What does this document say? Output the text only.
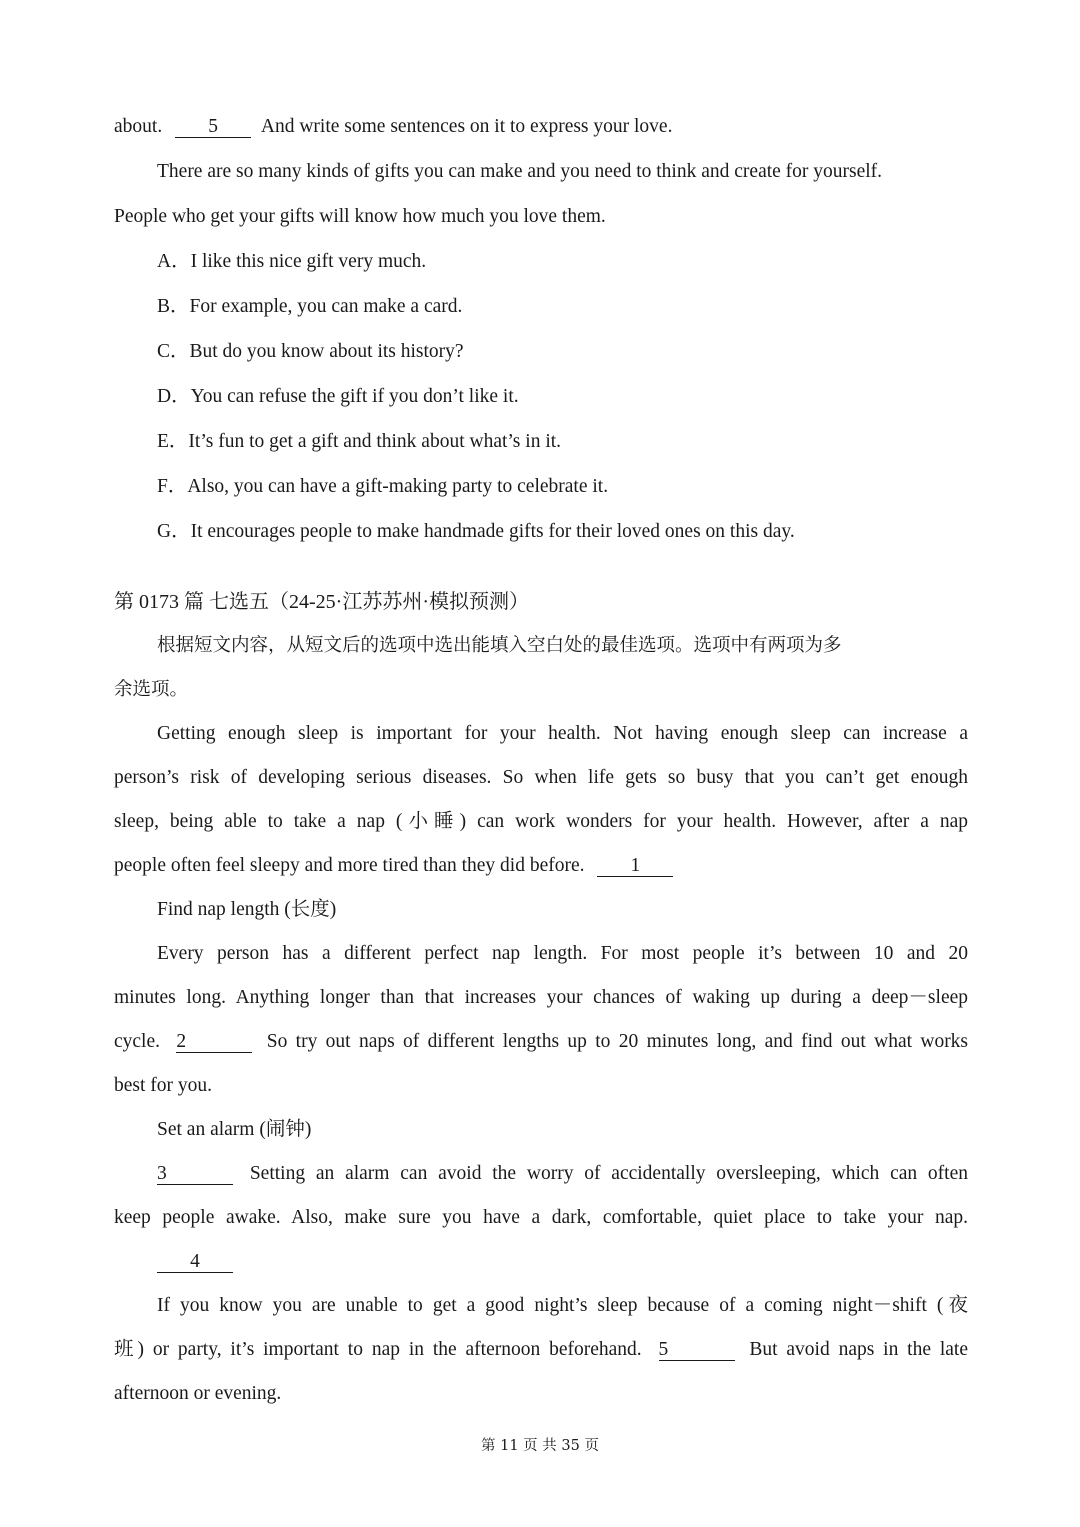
about. 5 And write some sentences on it to express your love.
There are so many kinds of gifts you can make and you need to think and create for yourself.
People who get your gifts will know how much you love them.
A．I like this nice gift very much.
B．For example, you can make a card.
C．But do you know about its history?
D．You can refuse the gift if you don’t like it.
E．It’s fun to get a gift and think about what’s in it.
F．Also, you can have a gift-making party to celebrate it.
G．It encourages people to make handmade gifts for their loved ones on this day.
第 0173 篇 七选五（24-25·江苏苏州·模拟预测）
根据短文内容，从短文后的选项中选出能填入空白处的最佳选项。选项中有两项为多
余选项。
Getting enough sleep is important for your health. Not having enough sleep can increase a
person’s risk of developing serious diseases. So when life gets so busy that you can’t get enough
sleep, being able to take a nap (小睡) can work wonders for your health. However, after a nap
people often feel sleepy and more tired than they did before. 1
Find nap length (长度)
Every person has a different perfect nap length. For most people it’s between 10 and 20
minutes long. Anything longer than that increases your chances of waking up during a deep－sleep
cycle. 2	So try out naps of different lengths up to 20 minutes long, and find out what works
best for you.
Set an alarm (闹钟)
3	Setting an alarm can avoid the worry of accidentally oversleeping, which can often
keep people awake. Also, make sure you have a dark, comfortable, quiet place to take your nap.
4
If you know you are unable to get a good night’s sleep because of a coming night－shift (夜
班) or party, it’s important to nap in the afternoon beforehand. 5	But avoid naps in the late
afternoon or evening.
第 11 页 共 35 页
